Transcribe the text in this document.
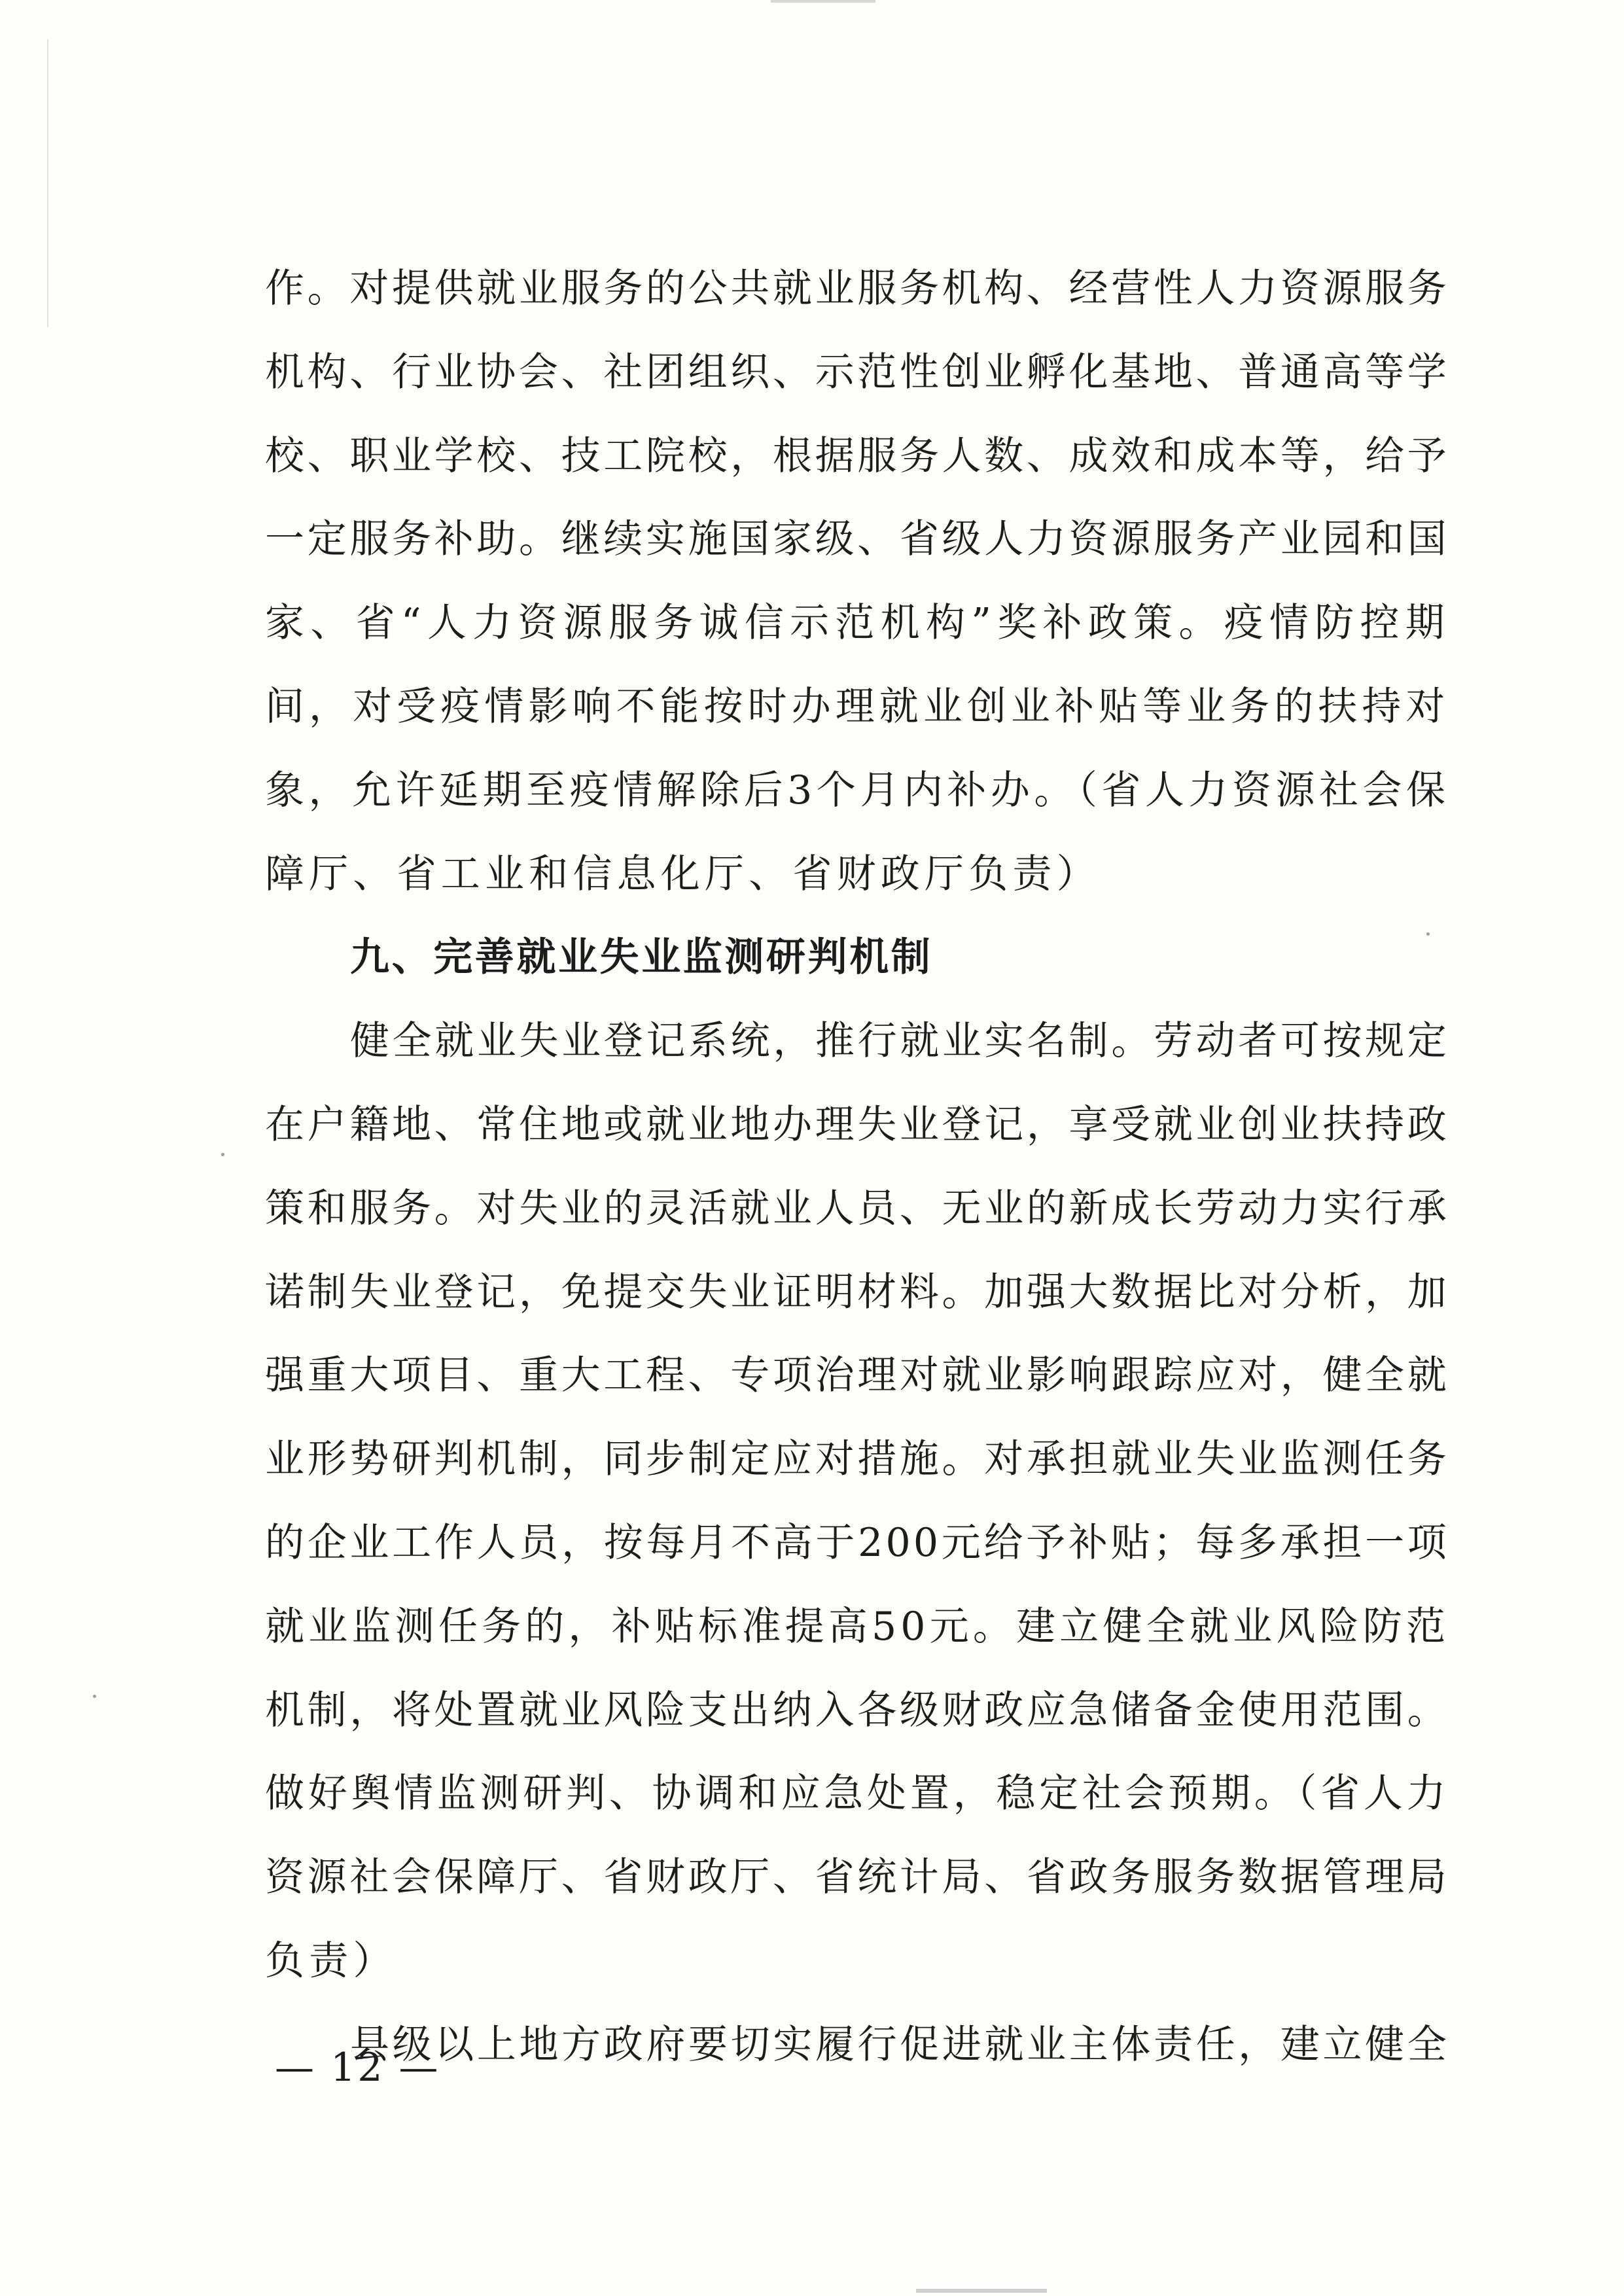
作。对提供就业服务的公共就业服务机构、经营性人力资源服务
机构、行业协会、社团组织、示范性创业孵化基地、普通高等学
校、职业学校、技工院校，根据服务人数、成效和成本等，给予
一定服务补助。继续实施国家级、省级人力资源服务产业园和国
家、省“人力资源服务诚信示范机构”奖补政策。疫情防控期
间，对受疫情影响不能按时办理就业创业补贴等业务的扶持对
象，允许延期至疫情解除后3个月内补办。（省人力资源社会保
障厅、省工业和信息化厅、省财政厅负责）
九、完善就业失业监测研判机制
健全就业失业登记系统，推行就业实名制。劳动者可按规定
在户籍地、常住地或就业地办理失业登记，享受就业创业扶持政
策和服务。对失业的灵活就业人员、无业的新成长劳动力实行承
诺制失业登记，免提交失业证明材料。加强大数据比对分析，加
强重大项目、重大工程、专项治理对就业影响跟踪应对，健全就
业形势研判机制，同步制定应对措施。对承担就业失业监测任务
的企业工作人员，按每月不高于200元给予补贴；每多承担一项
就业监测任务的，补贴标准提高50元。建立健全就业风险防范
机制，将处置就业风险支出纳入各级财政应急储备金使用范围。
做好舆情监测研判、协调和应急处置，稳定社会预期。（省人力
资源社会保障厅、省财政厅、省统计局、省政务服务数据管理局
负责）
县级以上地方政府要切实履行促进就业主体责任，建立健全
— 12 —
